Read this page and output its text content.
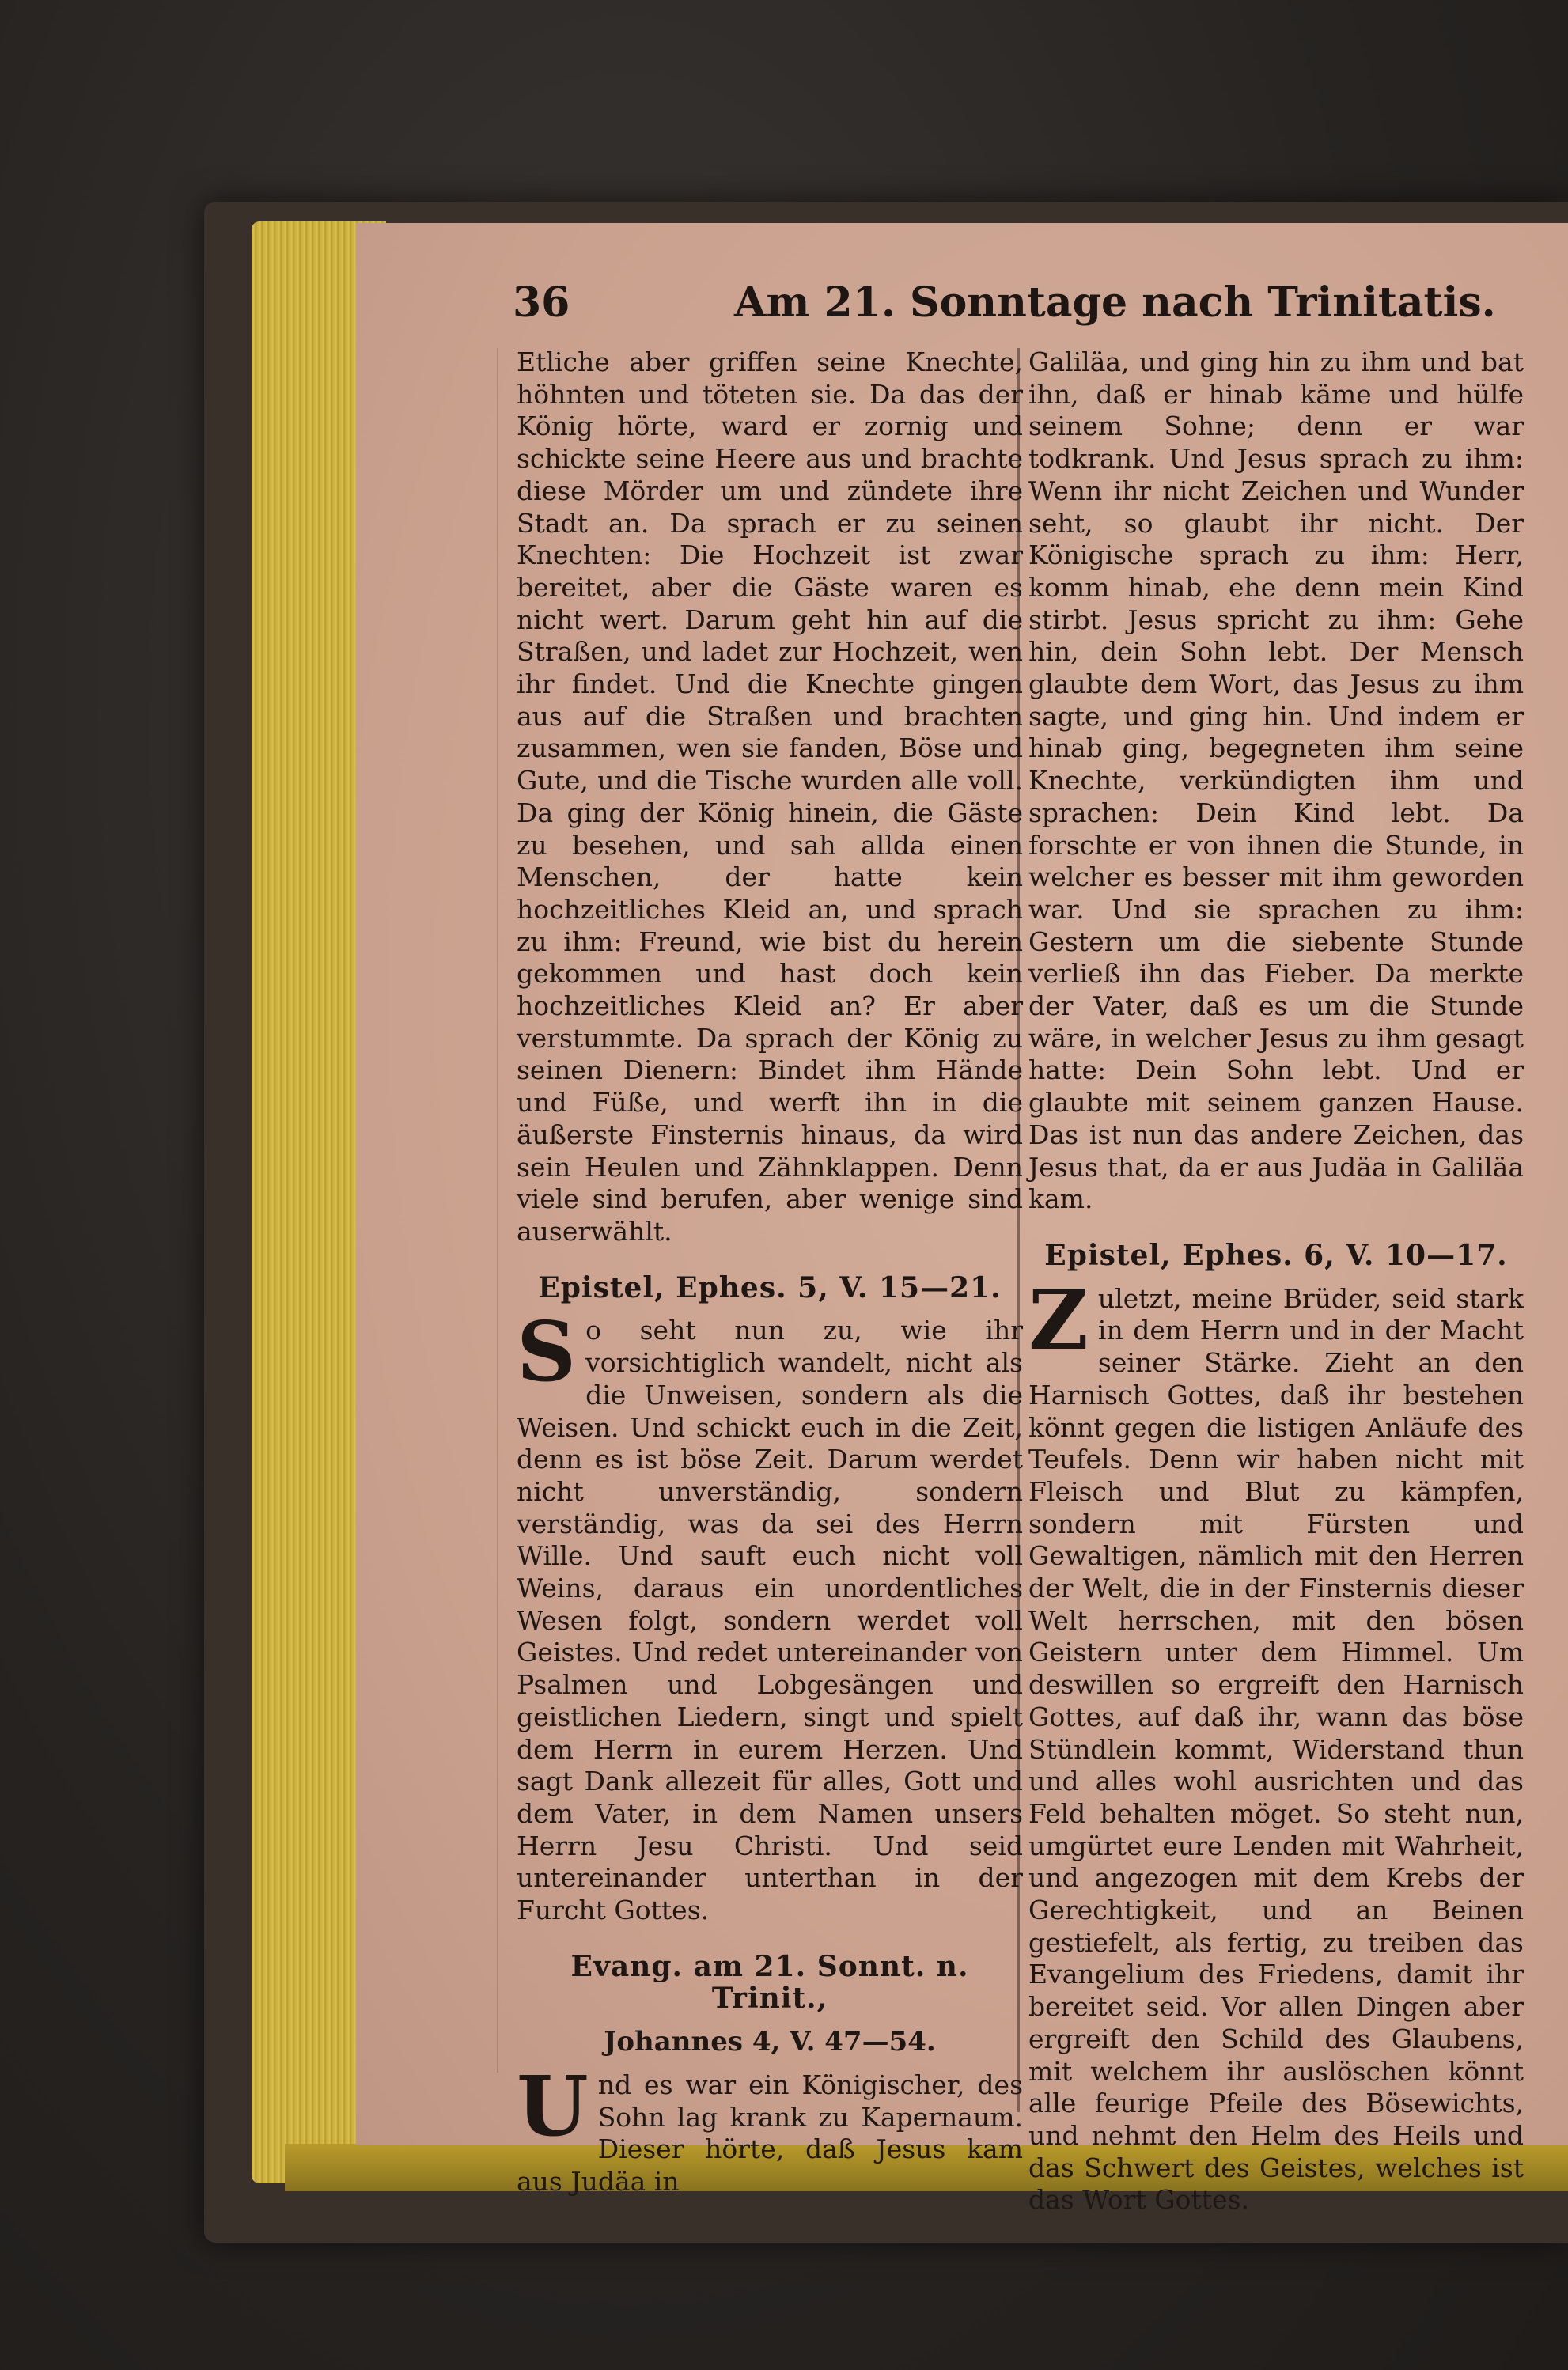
36	Am 21. Sonntage nach Trinitatis.

Etliche aber griffen seine Knechte, höhnten und töteten sie. Da das der König hörte, ward er zornig und schickte seine Heere aus und brachte diese Mörder um und zündete ihre Stadt an. Da sprach er zu seinen Knechten: Die Hochzeit ist zwar bereitet, aber die Gäste waren es nicht wert. Darum geht hin auf die Straßen, und ladet zur Hochzeit, wen ihr findet. Und die Knechte gingen aus auf die Straßen und brachten zusammen, wen sie fanden, Böse und Gute, und die Tische wurden alle voll. Da ging der König hinein, die Gäste zu besehen, und sah allda einen Menschen, der hatte kein hochzeitliches Kleid an, und sprach zu ihm: Freund, wie bist du herein gekommen und hast doch kein hochzeitliches Kleid an? Er aber verstummte. Da sprach der König zu seinen Dienern: Bindet ihm Hände und Füße, und werft ihn in die äußerste Finsternis hinaus, da wird sein Heulen und Zähnklappen. Denn viele sind berufen, aber wenige sind auserwählt.

Epistel, Ephes. 5, V. 15—21.

So seht nun zu, wie ihr vorsichtiglich wandelt, nicht als die Unweisen, sondern als die Weisen. Und schickt euch in die Zeit, denn es ist böse Zeit. Darum werdet nicht unverständig, sondern verständig, was da sei des Herrn Wille. Und sauft euch nicht voll Weins, daraus ein unordentliches Wesen folgt, sondern werdet voll Geistes. Und redet untereinander von Psalmen und Lobgesängen und geistlichen Liedern, singt und spielt dem Herrn in eurem Herzen. Und sagt Dank allezeit für alles, Gott und dem Vater, in dem Namen unsers Herrn Jesu Christi. Und seid untereinander unterthan in der Furcht Gottes.

Evang. am 21. Sonnt. n. Trinit.,
Johannes 4, V. 47—54.

Und es war ein Königischer, des Sohn lag krank zu Kapernaum. Dieser hörte, daß Jesus kam aus Judäa in

Galiläa, und ging hin zu ihm und bat ihn, daß er hinab käme und hülfe seinem Sohne; denn er war todkrank. Und Jesus sprach zu ihm: Wenn ihr nicht Zeichen und Wunder seht, so glaubt ihr nicht. Der Königische sprach zu ihm: Herr, komm hinab, ehe denn mein Kind stirbt. Jesus spricht zu ihm: Gehe hin, dein Sohn lebt. Der Mensch glaubte dem Wort, das Jesus zu ihm sagte, und ging hin. Und indem er hinab ging, begegneten ihm seine Knechte, verkündigten ihm und sprachen: Dein Kind lebt. Da forschte er von ihnen die Stunde, in welcher es besser mit ihm geworden war. Und sie sprachen zu ihm: Gestern um die siebente Stunde verließ ihn das Fieber. Da merkte der Vater, daß es um die Stunde wäre, in welcher Jesus zu ihm gesagt hatte: Dein Sohn lebt. Und er glaubte mit seinem ganzen Hause. Das ist nun das andere Zeichen, das Jesus that, da er aus Judäa in Galiläa kam.

Epistel, Ephes. 6, V. 10—17.

Zuletzt, meine Brüder, seid stark in dem Herrn und in der Macht seiner Stärke. Zieht an den Harnisch Gottes, daß ihr bestehen könnt gegen die listigen Anläufe des Teufels. Denn wir haben nicht mit Fleisch und Blut zu kämpfen, sondern mit Fürsten und Gewaltigen, nämlich mit den Herren der Welt, die in der Finsternis dieser Welt herrschen, mit den bösen Geistern unter dem Himmel. Um deswillen so ergreift den Harnisch Gottes, auf daß ihr, wann das böse Stündlein kommt, Widerstand thun und alles wohl ausrichten und das Feld behalten möget. So steht nun, umgürtet eure Lenden mit Wahrheit, und angezogen mit dem Krebs der Gerechtigkeit, und an Beinen gestiefelt, als fertig, zu treiben das Evangelium des Friedens, damit ihr bereitet seid. Vor allen Dingen aber ergreift den Schild des Glaubens, mit welchem ihr auslöschen könnt alle feurige Pfeile des Bösewichts, und nehmt den Helm des Heils und das Schwert des Geistes, welches ist das Wort Gottes.
